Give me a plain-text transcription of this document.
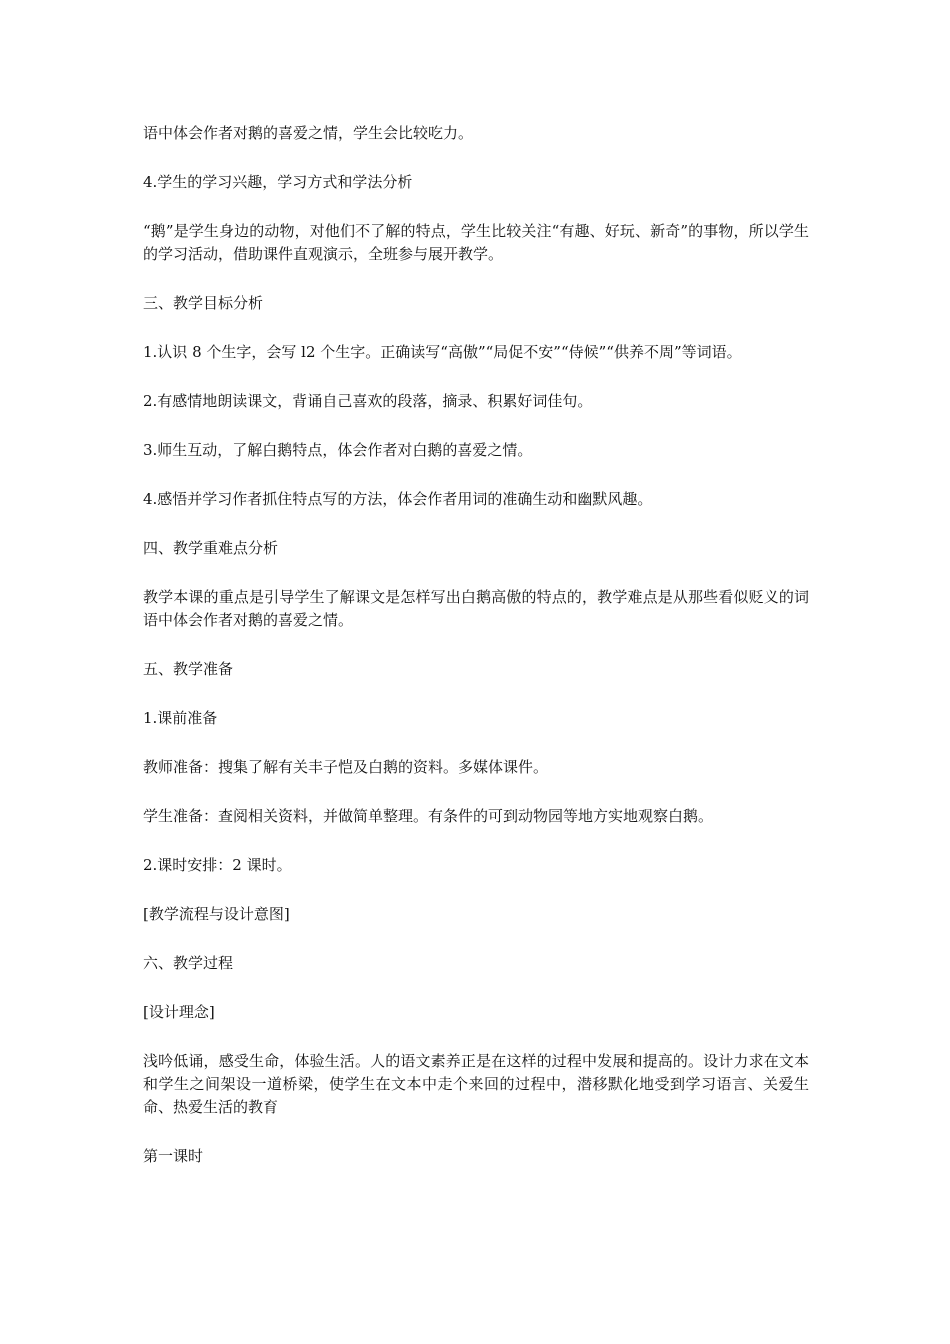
语中体会作者对鹅的喜爱之情，学生会比较吃力。

4.学生的学习兴趣，学习方式和学法分析

“鹅”是学生身边的动物，对他们不了解的特点，学生比较关注“有趣、好玩、新奇”的事物，所以学生的学习活动，借助课件直观演示，全班参与展开教学。

三、教学目标分析

1.认识 8 个生字，会写 l2 个生字。正确读写“高傲”“局促不安”“侍候”“供养不周”等词语。

2.有感情地朗读课文，背诵自己喜欢的段落，摘录、积累好词佳句。

3.师生互动，了解白鹅特点，体会作者对白鹅的喜爱之情。

4.感悟并学习作者抓住特点写的方法，体会作者用词的准确生动和幽默风趣。

四、教学重难点分析

教学本课的重点是引导学生了解课文是怎样写出白鹅高傲的特点的，教学难点是从那些看似贬义的词语中体会作者对鹅的喜爱之情。

五、教学准备

1.课前准备

教师准备：搜集了解有关丰子恺及白鹅的资料。多媒体课件。

学生准备：查阅相关资料，并做简单整理。有条件的可到动物园等地方实地观察白鹅。

2.课时安排：2 课时。

[教学流程与设计意图]

六、教学过程

[设计理念]

浅吟低诵，感受生命，体验生活。人的语文素养正是在这样的过程中发展和提高的。设计力求在文本和学生之间架设一道桥梁，使学生在文本中走个来回的过程中，潜移默化地受到学习语言、关爱生命、热爱生活的教育

第一课时
